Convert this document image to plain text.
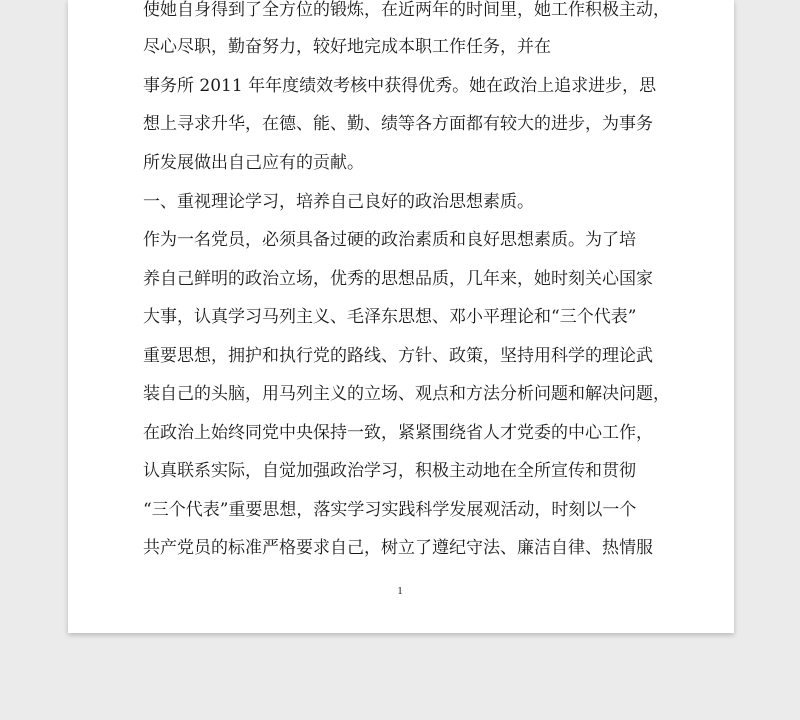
使她自身得到了全方位的锻炼，在近两年的时间里，她工作积极主动，
尽心尽职，勤奋努力，较好地完成本职工作任务，并在
事务所 2011 年年度绩效考核中获得优秀。她在政治上追求进步，思
想上寻求升华，在德、能、勤、绩等各方面都有较大的进步，为事务
所发展做出自己应有的贡献。
一、重视理论学习，培养自己良好的政治思想素质。
作为一名党员，必须具备过硬的政治素质和良好思想素质。为了培
养自己鲜明的政治立场，优秀的思想品质，几年来，她时刻关心国家
大事，认真学习马列主义、毛泽东思想、邓小平理论和“三个代表”
重要思想，拥护和执行党的路线、方针、政策，坚持用科学的理论武
装自己的头脑，用马列主义的立场、观点和方法分析问题和解决问题，
在政治上始终同党中央保持一致，紧紧围绕省人才党委的中心工作，
认真联系实际，自觉加强政治学习，积极主动地在全所宣传和贯彻
“三个代表”重要思想，落实学习实践科学发展观活动，时刻以一个
共产党员的标准严格要求自己，树立了遵纪守法、廉洁自律、热情服
1
